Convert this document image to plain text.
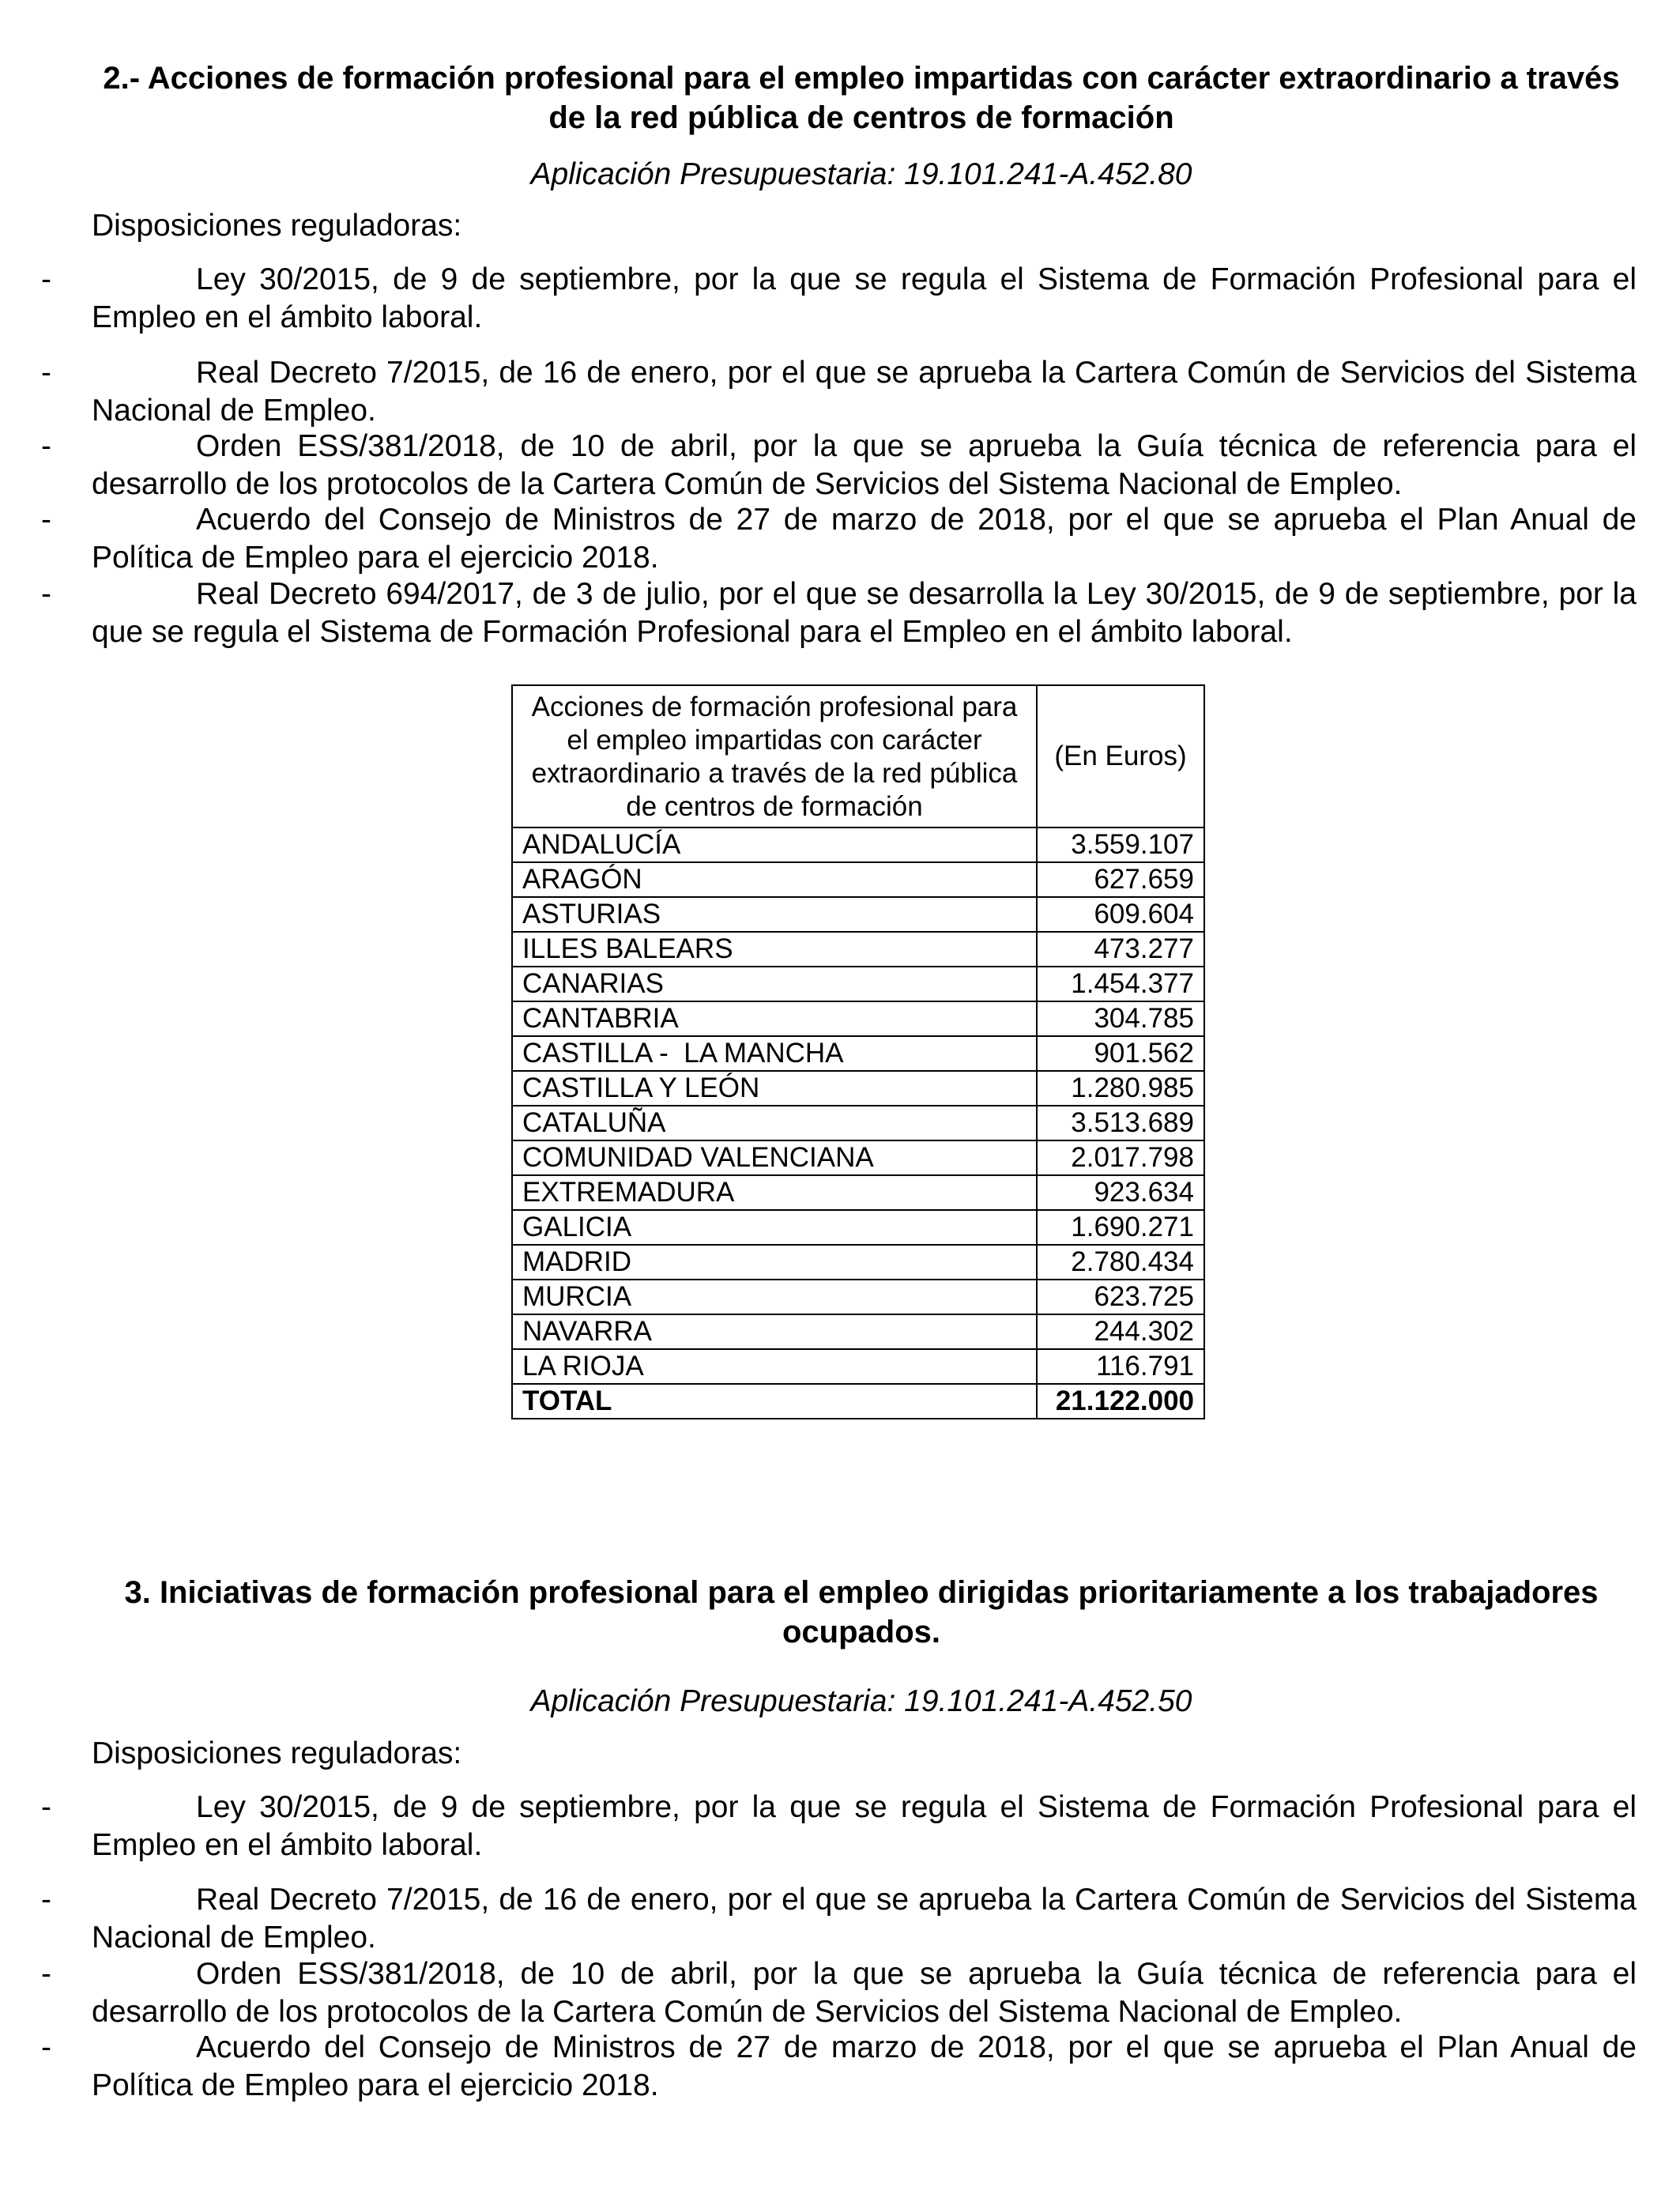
2.- Acciones de formación profesional para el empleo impartidas con carácter extraordinario a través
de la red pública de centros de formación
Aplicación Presupuestaria: 19.101.241-A.452.80
Disposiciones reguladoras:
-	Ley 30/2015, de 9 de septiembre, por la que se regula el Sistema de Formación Profesional para el Empleo en el ámbito laboral.
-	Real Decreto 7/2015, de 16 de enero, por el que se aprueba la Cartera Común de Servicios del Sistema Nacional de Empleo.
-	Orden ESS/381/2018, de 10 de abril, por la que se aprueba la Guía técnica de referencia para el desarrollo de los protocolos de la Cartera Común de Servicios del Sistema Nacional de Empleo.
-	Acuerdo del Consejo de Ministros de 27 de marzo de 2018, por el que se aprueba el Plan Anual de Política de Empleo para el ejercicio 2018.
-	Real Decreto 694/2017, de 3 de julio, por el que se desarrolla la Ley 30/2015, de 9 de septiembre, por la que se regula el Sistema de Formación Profesional para el Empleo en el ámbito laboral.
Acciones de formación profesional para
el empleo impartidas con carácter
extraordinario a través de la red pública
de centros de formación	(En Euros)
ANDALUCÍA	3.559.107
ARAGÓN	627.659
ASTURIAS	609.604
ILLES BALEARS	473.277
CANARIAS	1.454.377
CANTABRIA	304.785
CASTILLA -  LA MANCHA	901.562
CASTILLA Y LEÓN	1.280.985
CATALUÑA	3.513.689
COMUNIDAD VALENCIANA	2.017.798
EXTREMADURA	923.634
GALICIA	1.690.271
MADRID	2.780.434
MURCIA	623.725
NAVARRA	244.302
LA RIOJA	116.791
TOTAL	21.122.000
3. Iniciativas de formación profesional para el empleo dirigidas prioritariamente a los trabajadores
ocupados.
Aplicación Presupuestaria: 19.101.241-A.452.50
Disposiciones reguladoras:
-	Ley 30/2015, de 9 de septiembre, por la que se regula el Sistema de Formación Profesional para el Empleo en el ámbito laboral.
-	Real Decreto 7/2015, de 16 de enero, por el que se aprueba la Cartera Común de Servicios del Sistema Nacional de Empleo.
-	Orden ESS/381/2018, de 10 de abril, por la que se aprueba la Guía técnica de referencia para el desarrollo de los protocolos de la Cartera Común de Servicios del Sistema Nacional de Empleo.
-	Acuerdo del Consejo de Ministros de 27 de marzo de 2018, por el que se aprueba el Plan Anual de Política de Empleo para el ejercicio 2018.
